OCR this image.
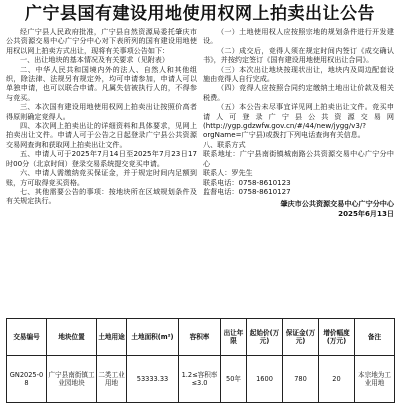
广宁县国有建设用地使用权网上拍卖出让公告

经广宁县人民政府批准，广宁县自然资源局委托肇庆市公共资源交易中心广宁分中心对下表所列的国有建设用地使用权以网上拍卖方式出让，现将有关事项公告如下：

一、出让地块的基本情况及有关要求（见附表）

二、中华人民共和国境内外的法人、自然人和其他组织，除法律、法规另有规定外，均可申请参加，申请人可以单独申请，也可以联合申请。凡属失信被执行人的，不得参与竞买。

三、本次国有建设用地使用权网上拍卖出让按照价高者得原则确定竞得人。

四、本次网上拍卖出让的详细资料和具体要求，见网上拍卖出让文件。申请人可于公告之日起登录广宁县公共资源交易网查询和获取网上拍卖出让文件。

五、申请人可于2025年7月14日至2025年7月23日17时00分（北京时间）登录交易系统提交竞买申请。

六、申请人需缴纳竞买保证金，并于规定时间内足额到账，方可取得竞买资格。

七、其他需要公告的事项：按地块所在区域规划条件及有关规定执行。

（一）土地使用权人应按照宗地的规划条件进行开发建设。

（二）成交后，竞得人须在规定时间内签订《成交确认书》，并按约定签订《国有建设用地使用权出让合同》。

（三）本次出让地块按现状出让，地块内及周边配套设施由竞得人自行完成。

（四）竞得人应按照合同约定缴纳土地出让价款及相关税费。

（五）本公告未尽事宜详见网上拍卖出让文件。竞买申请人可登录广宁县公共资源交易网(http://ygp.gdzwfw.gov.cn/#/44/new/jygg/v3/?orgName=广宁县)或拨打下列电话查询有关信息。

八、联系方式

联系地址：广宁县南街镇城南路公共资源交易中心广宁分中心

联系人：罗先生

联系电话：0758-8610123

监督电话：0758-8610127

肇庆市公共资源交易中心广宁分中心

2025年6月13日

交易编号	地块位置	土地用途	土地面积(m²)	容积率	出让年限	起始价(万元)	保证金(万元)	增价幅度(万元)	备注
GN2025-08	广宁县南街镇工业园地块	二类工业用地	53333.33	1.2≤容积率≤3.0	50年	1600	780	20	本宗地为工业用地
